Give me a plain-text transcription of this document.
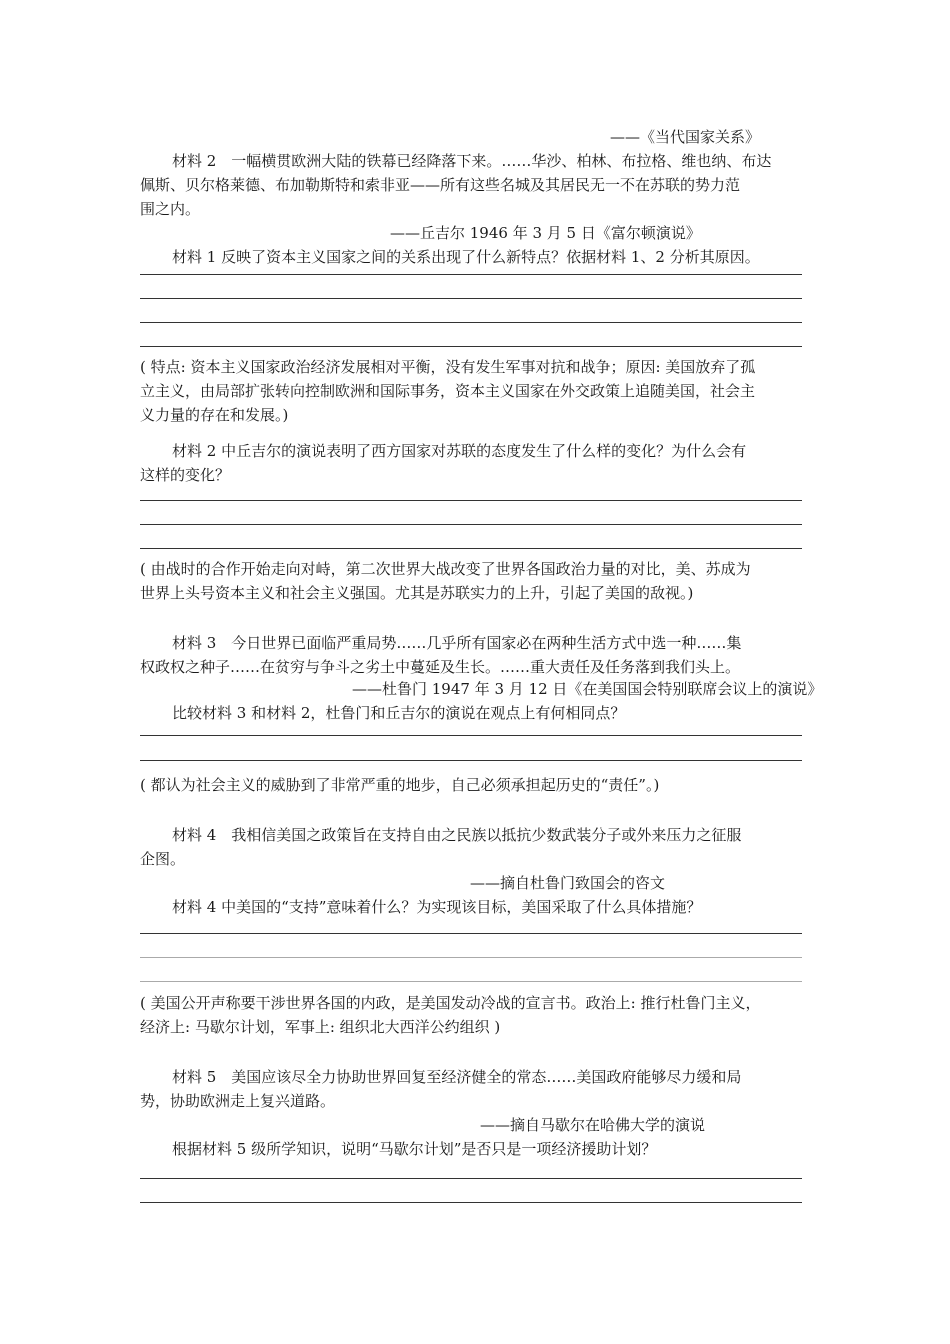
——《当代国家关系》
材料 2　一幅横贯欧洲大陆的铁幕已经降落下来。……华沙、柏林、布拉格、维也纳、布达
佩斯、贝尔格莱德、布加勒斯特和索非亚——所有这些名城及其居民无一不在苏联的势力范
围之内。
——丘吉尔 1946 年 3 月 5 日《富尔顿演说》
材料 1 反映了资本主义国家之间的关系出现了什么新特点？依据材料 1、2 分析其原因。
( 特点: 资本主义国家政治经济发展相对平衡，没有发生军事对抗和战争；原因: 美国放弃了孤
立主义，由局部扩张转向控制欧洲和国际事务，资本主义国家在外交政策上追随美国，社会主
义力量的存在和发展。)
材料 2 中丘吉尔的演说表明了西方国家对苏联的态度发生了什么样的变化？为什么会有
这样的变化？
( 由战时的合作开始走向对峙，第二次世界大战改变了世界各国政治力量的对比，美、苏成为
世界上头号资本主义和社会主义强国。尤其是苏联实力的上升，引起了美国的敌视。)
材料 3　今日世界已面临严重局势……几乎所有国家必在两种生活方式中选一种……集
权政权之种子……在贫穷与争斗之劣土中蔓延及生长。……重大责任及任务落到我们头上。
——杜鲁门 1947 年 3 月 12 日《在美国国会特别联席会议上的演说》
比较材料 3 和材料 2，杜鲁门和丘吉尔的演说在观点上有何相同点？
( 都认为社会主义的威胁到了非常严重的地步，自己必须承担起历史的“责任”。)
材料 4　我相信美国之政策旨在支持自由之民族以抵抗少数武装分子或外来压力之征服
企图。
——摘自杜鲁门致国会的咨文
材料 4 中美国的“支持”意味着什么？为实现该目标，美国采取了什么具体措施？
( 美国公开声称要干涉世界各国的内政，是美国发动冷战的宣言书。政治上: 推行杜鲁门主义，
经济上: 马歇尔计划，军事上: 组织北大西洋公约组织 )
材料 5　美国应该尽全力协助世界回复至经济健全的常态……美国政府能够尽力缓和局
势，协助欧洲走上复兴道路。
——摘自马歇尔在哈佛大学的演说
根据材料 5 级所学知识，说明“马歇尔计划”是否只是一项经济援助计划？
